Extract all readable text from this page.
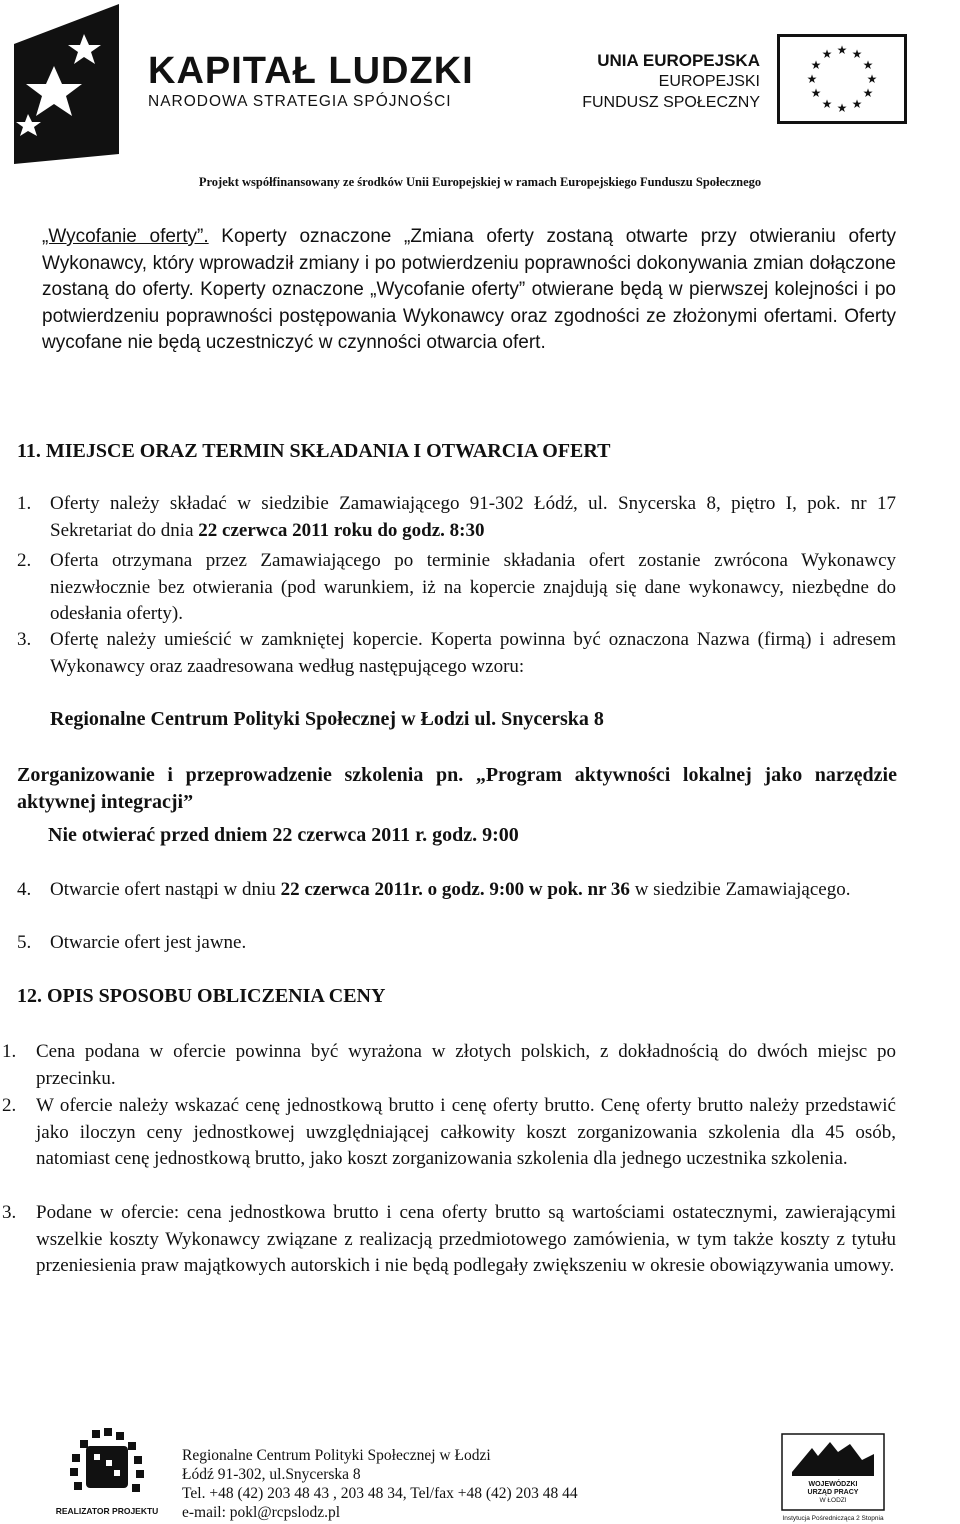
KAPITAŁ LUDZKI
NARODOWA STRATEGIA SPÓJNOŚCI
UNIA EUROPEJSKA
EUROPEJSKI
FUNDUSZ SPOŁECZNY
★ ★
★
★
★
★
★
★
★
★
★
★
Projekt współfinansowany ze środków Unii Europejskiej w ramach Europejskiego Funduszu Społecznego
„Wycofanie oferty”. Koperty oznaczone „Zmiana oferty zostaną otwarte przy otwieraniu oferty Wykonawcy, który wprowadził zmiany i po potwierdzeniu poprawności dokonywania zmian dołączone zostaną do oferty. Koperty oznaczone „Wycofanie oferty” otwierane będą w pierwszej kolejności i po potwierdzeniu poprawności postępowania Wykonawcy oraz zgodności ze złożonymi ofertami. Oferty wycofane nie będą uczestniczyć w czynności otwarcia ofert.
11. MIEJSCE ORAZ TERMIN SKŁADANIA I OTWARCIA OFERT
1. Oferty należy składać w siedzibie Zamawiającego 91-302 Łódź, ul. Snycerska 8, piętro I, pok. nr 17 Sekretariat do dnia 22 czerwca 2011 roku do godz. 8:30
2. Oferta otrzymana przez Zamawiającego po terminie składania ofert zostanie zwrócona Wykonawcy niezwłocznie bez otwierania (pod warunkiem, iż na kopercie znajdują się dane wykonawcy, niezbędne do odesłania oferty).
3. Ofertę należy umieścić w zamkniętej kopercie. Koperta powinna być oznaczona Nazwa (firmą) i adresem Wykonawcy oraz zaadresowana według następującego wzoru:
Regionalne Centrum Polityki Społecznej w Łodzi ul. Snycerska 8
Zorganizowanie i przeprowadzenie szkolenia pn. „Program aktywności lokalnej jako narzędzie aktywnej integracji”
Nie otwierać przed dniem 22 czerwca 2011 r. godz. 9:00
4. Otwarcie ofert nastąpi w dniu 22 czerwca 2011r. o godz. 9:00 w pok. nr 36 w siedzibie Zamawiającego.
5. Otwarcie ofert jest jawne.
12. OPIS SPOSOBU OBLICZENIA CENY
1. Cena podana w ofercie powinna być wyrażona w złotych polskich, z dokładnością do dwóch miejsc po przecinku.
2. W ofercie należy wskazać cenę jednostkową brutto i cenę oferty brutto. Cenę oferty brutto należy przedstawić jako iloczyn ceny jednostkowej uwzględniającej całkowity koszt zorganizowania szkolenia dla 45 osób, natomiast cenę jednostkową brutto, jako koszt zorganizowania szkolenia dla jednego uczestnika szkolenia.
3. Podane w ofercie: cena jednostkowa brutto i cena oferty brutto są wartościami ostatecznymi, zawierającymi wszelkie koszty Wykonawcy związane z realizacją przedmiotowego zamówienia, w tym także koszty z tytułu przeniesienia praw majątkowych autorskich i nie będą podlegały zwiększeniu w okresie obowiązywania umowy.
REALIZATOR PROJEKTU
Regionalne Centrum Polityki Społecznej w Łodzi
Łódź 91-302, ul.Snycerska 8
Tel. +48 (42) 203 48 43 , 203 48 34, Tel/fax +48 (42) 203 48 44
e-mail: pokl@rcpslodz.pl
WOJEWÓDZKI
URZĄD PRACY
W ŁODZI
Instytucja Pośrednicząca 2 Stopnia
